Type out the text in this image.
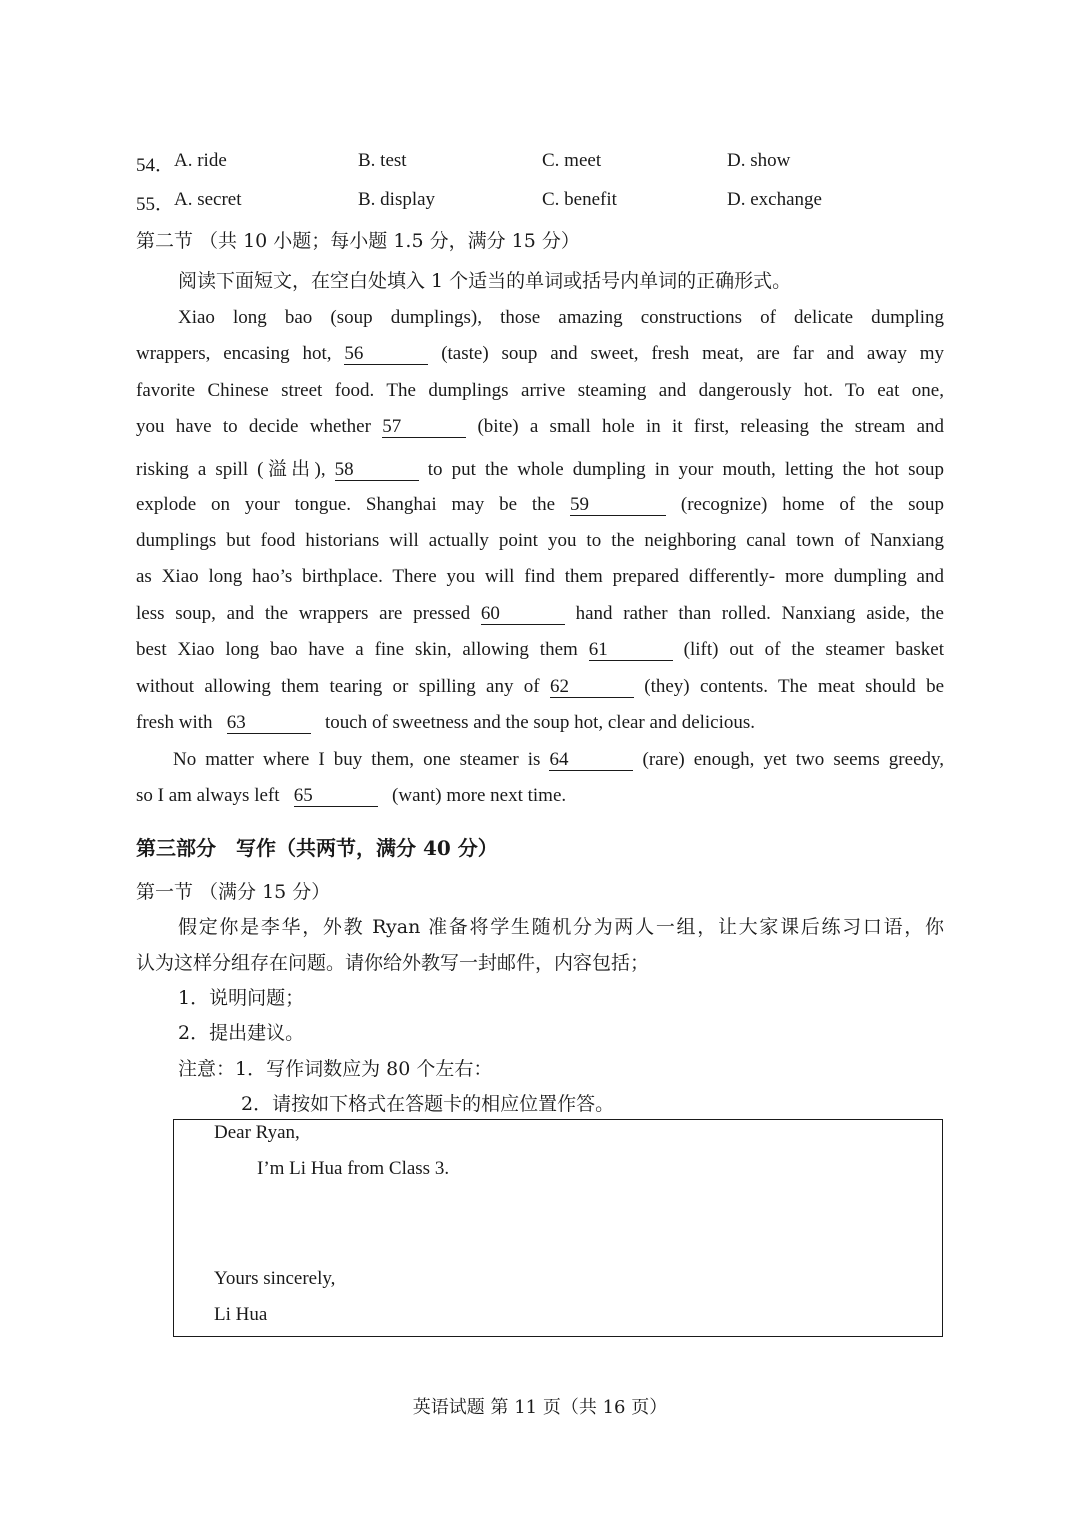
54． A. ride	B. test	C. meet	D. show
55． A. secret	B. display	C. benefit	D. exchange
第二节 （共 10 小题；每小题 1.5 分，满分 15 分）
阅读下面短文，在空白处填入 1 个适当的单词或括号内单词的正确形式。
Xiao long bao (soup dumplings), those amazing constructions of delicate dumpling
wrappers, encasing hot, 56	(taste) soup and sweet, fresh meat, are far and away my
favorite Chinese street food. The dumplings arrive steaming and dangerously hot. To eat one,
you have to decide whether 57	(bite) a small hole in it first, releasing the stream and
risking a spill (溢出), 58	to put the whole dumpling in your mouth, letting the hot soup
explode on your tongue. Shanghai may be the 59	(recognize) home of the soup
dumplings but food historians will actually point you to the neighboring canal town of Nanxiang
as Xiao long hao’s birthplace. There you will find them prepared differently- more dumpling and
less soup, and the wrappers are pressed 60	hand rather than rolled. Nanxiang aside, the
best Xiao long bao have a fine skin, allowing them 61	(lift) out of the steamer basket
without allowing them tearing or spilling any of 62	(they) contents. The meat should be
fresh with 63	touch of sweetness and the soup hot, clear and delicious.
No matter where I buy them, one steamer is 64	(rare) enough, yet two seems greedy,
so I am always left 65	(want) more next time.
第三部分　写作（共两节，满分 40 分）
第一节 （满分 15 分）
假定你是李华，外教 Ryan 准备将学生随机分为两人一组，让大家课后练习口语，你
认为这样分组存在问题。请你给外教写一封邮件，内容包括；
1．说明问题；
2．提出建议。
注意：1．写作词数应为 80 个左右：
2．请按如下格式在答题卡的相应位置作答。
Dear Ryan,
I’m Li Hua from Class 3.
Yours sincerely,
Li Hua
英语试题 第 11 页（共 16 页）
